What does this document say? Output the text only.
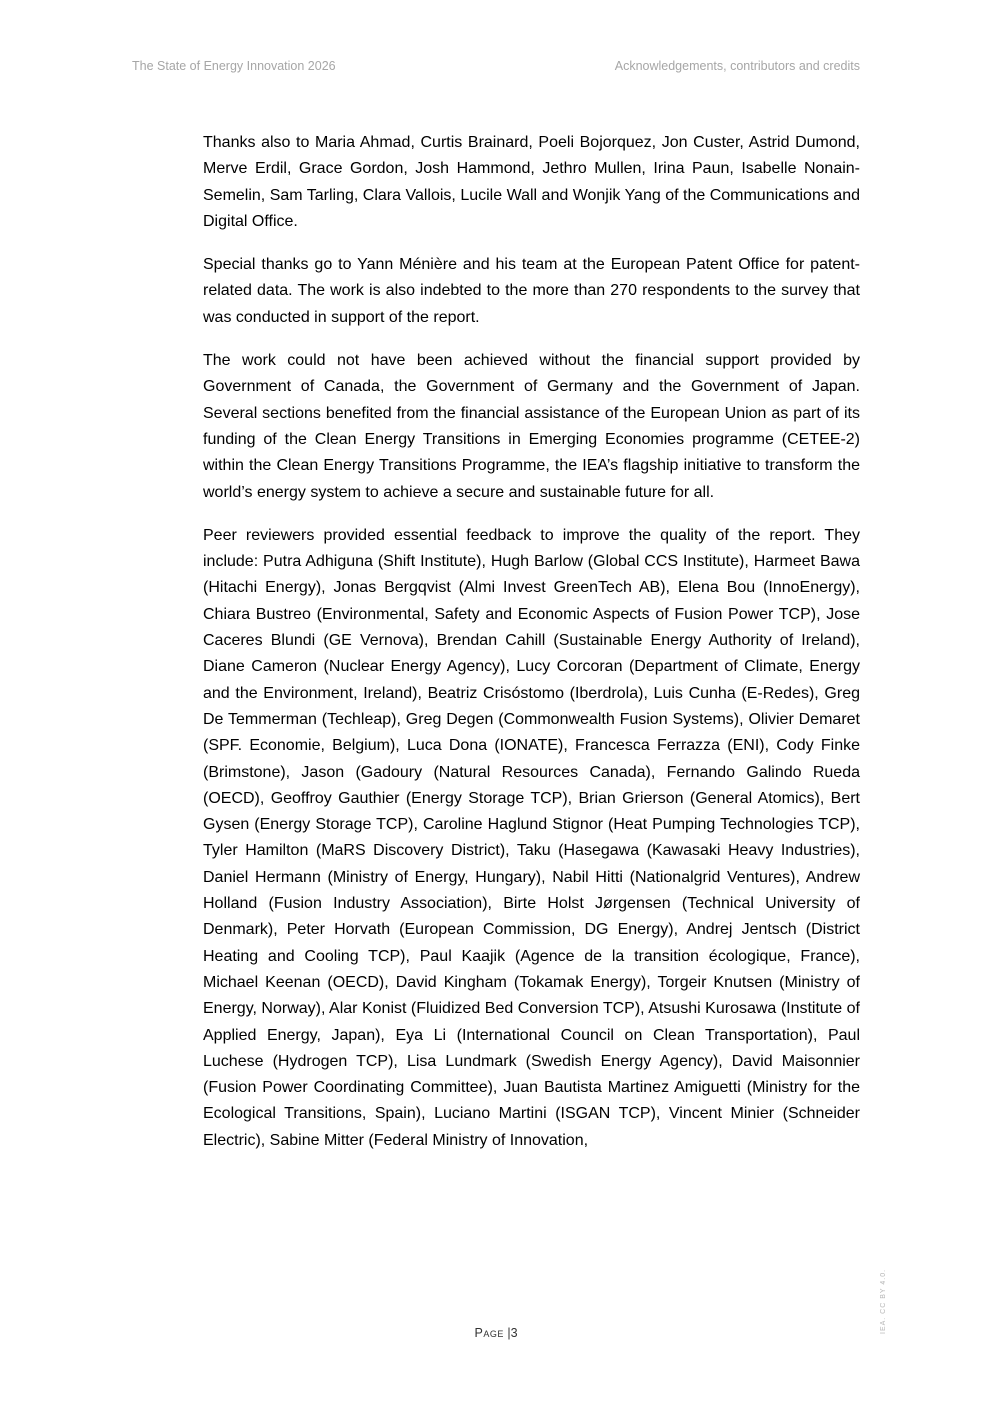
The State of Energy Innovation 2026	Acknowledgements, contributors and credits

Thanks also to Maria Ahmad, Curtis Brainard, Poeli Bojorquez, Jon Custer, Astrid Dumond, Merve Erdil, Grace Gordon, Josh Hammond, Jethro Mullen, Irina Paun, Isabelle Nonain-Semelin, Sam Tarling, Clara Vallois, Lucile Wall and Wonjik Yang of the Communications and Digital Office.

Special thanks go to Yann Ménière and his team at the European Patent Office for patent-related data. The work is also indebted to the more than 270 respondents to the survey that was conducted in support of the report.

The work could not have been achieved without the financial support provided by Government of Canada, the Government of Germany and the Government of Japan. Several sections benefited from the financial assistance of the European Union as part of its funding of the Clean Energy Transitions in Emerging Economies programme (CETEE-2) within the Clean Energy Transitions Programme, the IEA’s flagship initiative to transform the world’s energy system to achieve a secure and sustainable future for all.

Peer reviewers provided essential feedback to improve the quality of the report. They include: Putra Adhiguna (Shift Institute), Hugh Barlow (Global CCS Institute), Harmeet Bawa (Hitachi Energy), Jonas Bergqvist (Almi Invest GreenTech AB), Elena Bou (InnoEnergy), Chiara Bustreo (Environmental, Safety and Economic Aspects of Fusion Power TCP), Jose Caceres Blundi (GE Vernova), Brendan Cahill (Sustainable Energy Authority of Ireland), Diane Cameron (Nuclear Energy Agency), Lucy Corcoran (Department of Climate, Energy and the Environment, Ireland), Beatriz Crisóstomo (Iberdrola), Luis Cunha (E-Redes), Greg De Temmerman (Techleap), Greg Degen (Commonwealth Fusion Systems), Olivier Demaret (SPF. Economie, Belgium), Luca Dona (IONATE), Francesca Ferrazza (ENI), Cody Finke (Brimstone), Jason (Gadoury (Natural Resources Canada), Fernando Galindo Rueda (OECD), Geoffroy Gauthier (Energy Storage TCP), Brian Grierson (General Atomics), Bert Gysen (Energy Storage TCP), Caroline Haglund Stignor (Heat Pumping Technologies TCP), Tyler Hamilton (MaRS Discovery District), Taku (Hasegawa (Kawasaki Heavy Industries), Daniel Hermann (Ministry of Energy, Hungary), Nabil Hitti (Nationalgrid Ventures), Andrew Holland (Fusion Industry Association), Birte Holst Jørgensen (Technical University of Denmark), Peter Horvath (European Commission, DG Energy), Andrej Jentsch (District Heating and Cooling TCP), Paul Kaajik (Agence de la transition écologique, France), Michael Keenan (OECD), David Kingham (Tokamak Energy), Torgeir Knutsen (Ministry of Energy, Norway), Alar Konist (Fluidized Bed Conversion TCP), Atsushi Kurosawa (Institute of Applied Energy, Japan), Eya Li (International Council on Clean Transportation), Paul Luchese (Hydrogen TCP), Lisa Lundmark (Swedish Energy Agency), David Maisonnier (Fusion Power Coordinating Committee), Juan Bautista Martinez Amiguetti (Ministry for the Ecological Transitions, Spain), Luciano Martini (ISGAN TCP), Vincent Minier (Schneider Electric), Sabine Mitter (Federal Ministry of Innovation,

Page |3	IEA. CC BY 4.0.
